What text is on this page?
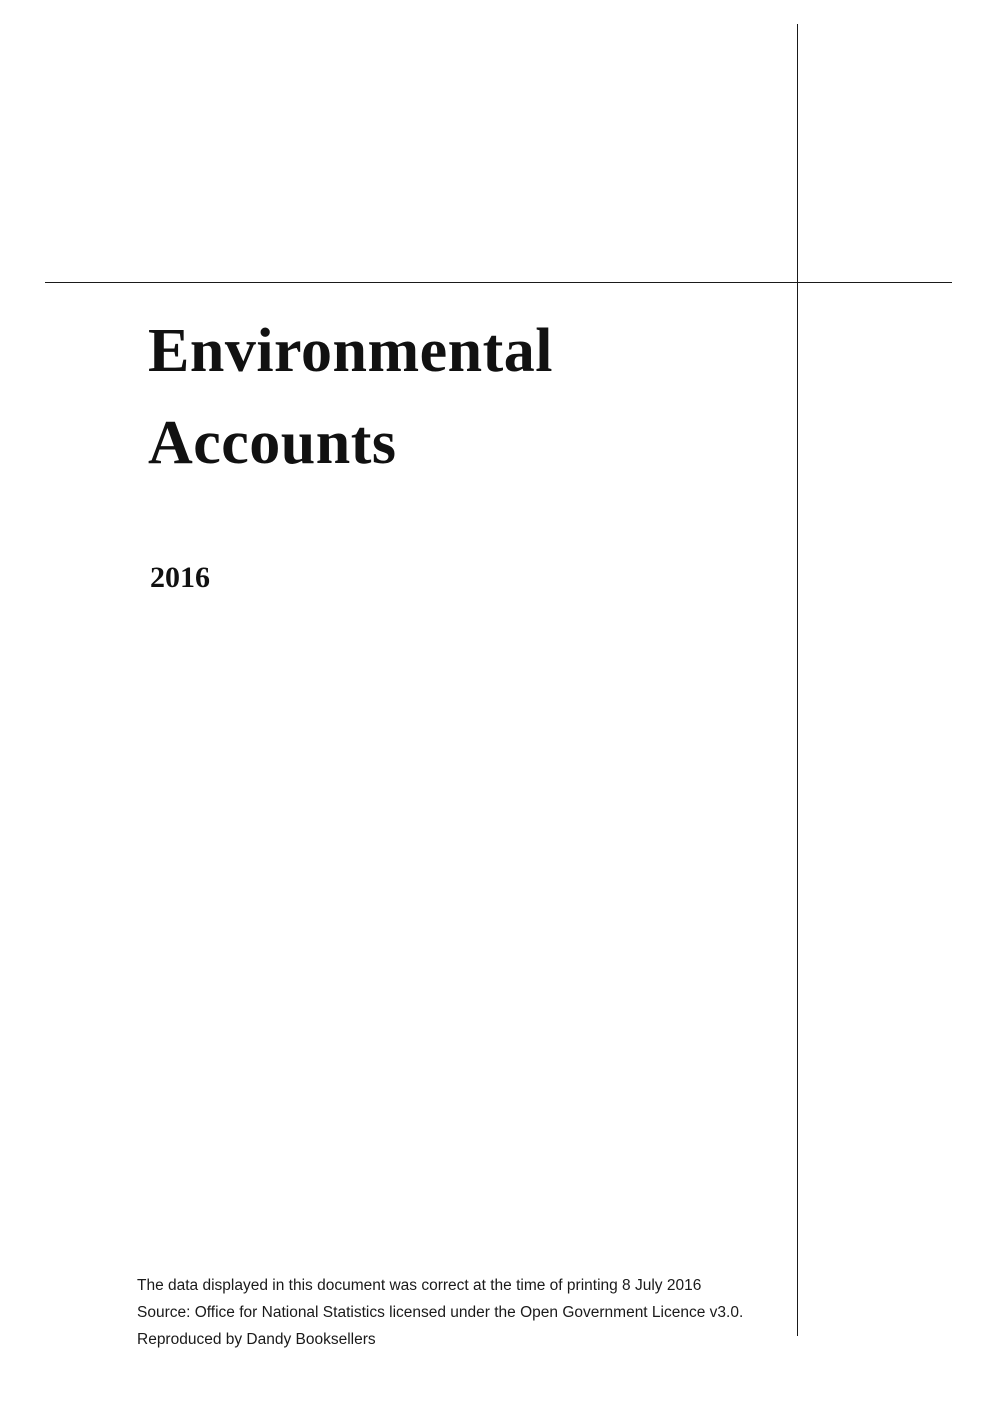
Environmental
Accounts
2016
The data displayed in this document was correct at the time of printing 8 July 2016
Source: Office for National Statistics licensed under the Open Government Licence v3.0.
Reproduced by Dandy Booksellers
